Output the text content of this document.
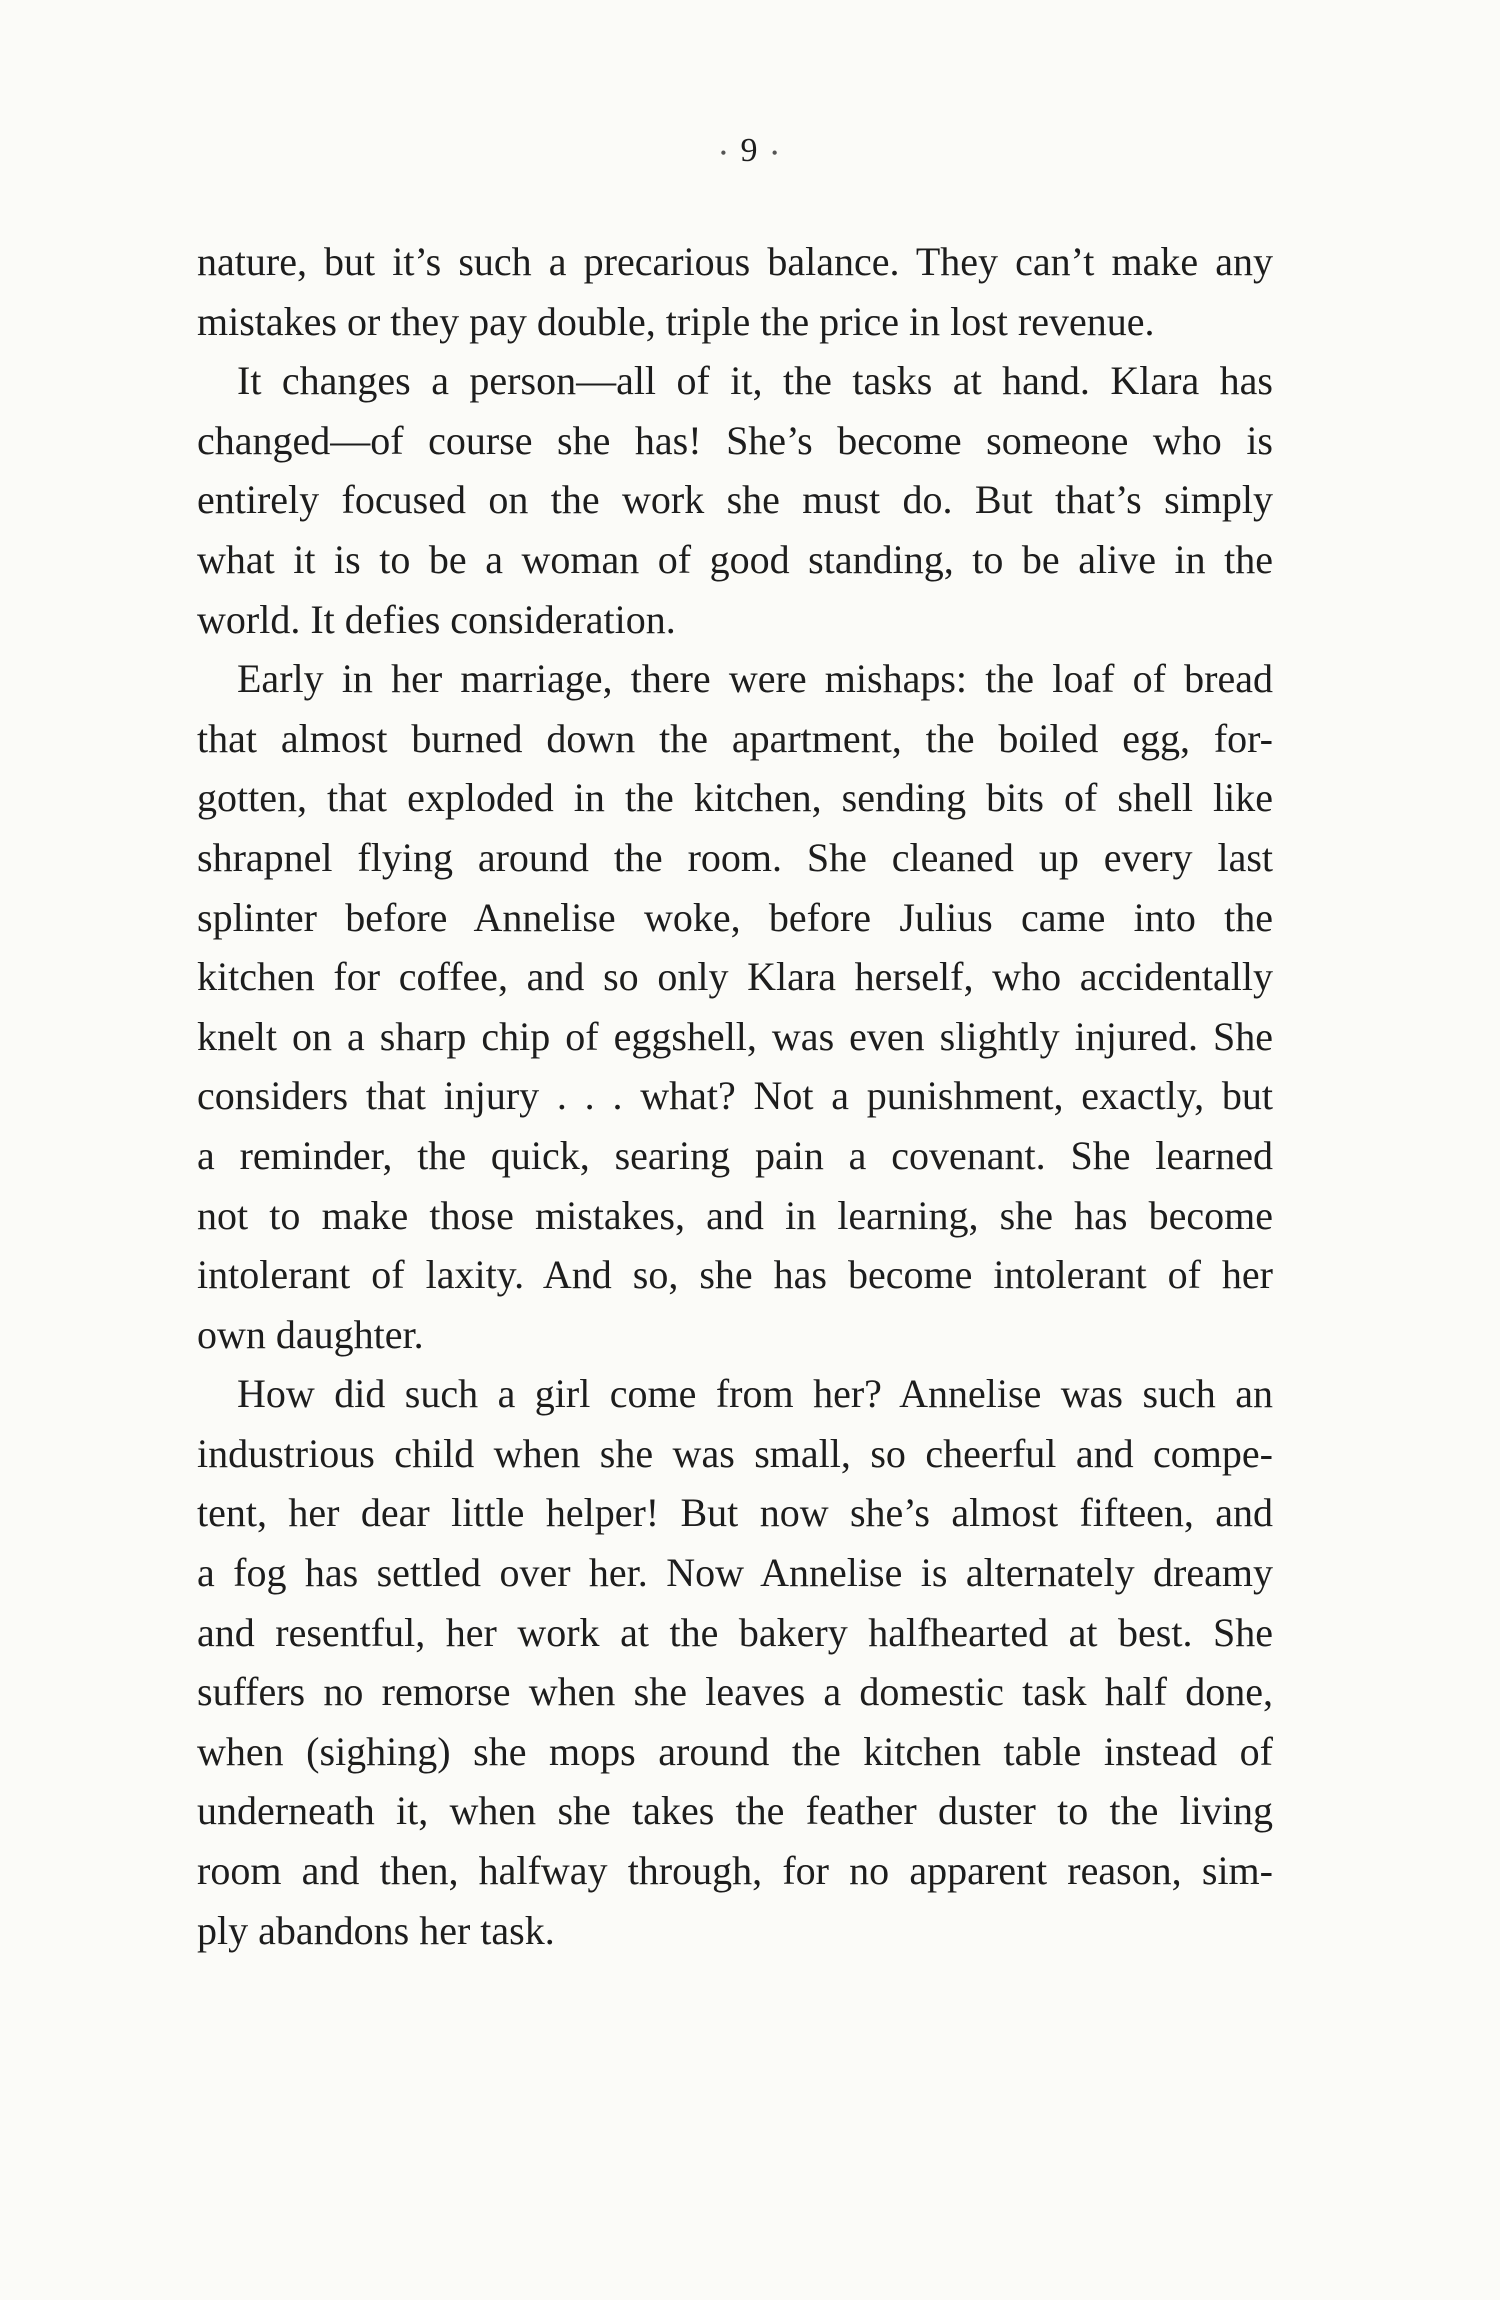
• 9 •
nature, but it’s such a precarious balance. They can’t make any
mistakes or they pay double, triple the price in lost revenue.
It changes a person—all of it, the tasks at hand. Klara has
changed—of course she has! She’s become someone who is
entirely focused on the work she must do. But that’s simply
what it is to be a woman of good standing, to be alive in the
world. It defies consideration.
Early in her marriage, there were mishaps: the loaf of bread
that almost burned down the apartment, the boiled egg, for-
gotten, that exploded in the kitchen, sending bits of shell like
shrapnel flying around the room. She cleaned up every last
splinter before Annelise woke, before Julius came into the
kitchen for coffee, and so only Klara herself, who accidentally
knelt on a sharp chip of eggshell, was even slightly injured. She
considers that injury . . . what? Not a punishment, exactly, but
a reminder, the quick, searing pain a covenant. She learned
not to make those mistakes, and in learning, she has become
intolerant of laxity. And so, she has become intolerant of her
own daughter.
How did such a girl come from her? Annelise was such an
industrious child when she was small, so cheerful and compe-
tent, her dear little helper! But now she’s almost fifteen, and
a fog has settled over her. Now Annelise is alternately dreamy
and resentful, her work at the bakery halfhearted at best. She
suffers no remorse when she leaves a domestic task half done,
when (sighing) she mops around the kitchen table instead of
underneath it, when she takes the feather duster to the living
room and then, halfway through, for no apparent reason, sim-
ply abandons her task.
